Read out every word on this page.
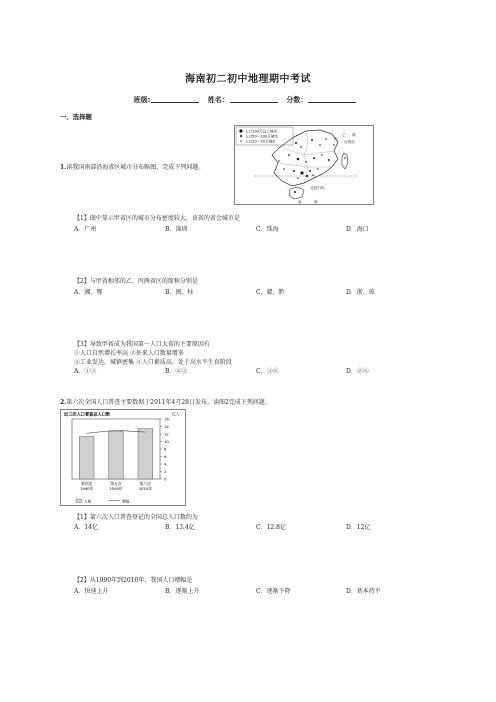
海南初二初中地理期中考试
班级:	姓名：	分数：
一、选择题
1.读我国南部沿海省区城市分布略图，完成下列问题。
人口100万以上城市
人口50～100万城市
人口20～50万城市
乙 海
丙
台湾岛
北回归线
南	海
【1】图中显示甲省区的城市分布密度较大，该省的省会城市是
A．广州	B．深圳	C．珠海	D．海口
【2】与甲省相邻的乙、丙两省区的简称分别是
A．湘、鄂	B．闽、桂	C．赣、黔	D．浙、琼
【3】导致甲省成为我国第一人口大省的主要原因有
①人口自然增长率高 ②外来人口数量增多
③工业发达，城镇密集 ④人口素质高，处于高水平生育阶段
A．①③	B．②③	C．③④	D．②④
2.第六次全国人口普查主要数据于2011年4月28日发布。读图2完成下列问题。
近三次人口普查总人口数	亿人
人数	增幅
16
14
12
10
8
6
4
2
0
第四次
1990年
第五次
2000年
第六次
2010年
【1】第六次人口普查登记的全国总人口数约为
A．14亿	B．13.4亿	C．12.8亿	D．12亿
【2】从1990年到2010年，我国人口增幅是
A．快速上升	B．逐渐上升	C．逐渐下降	D．基本持平
